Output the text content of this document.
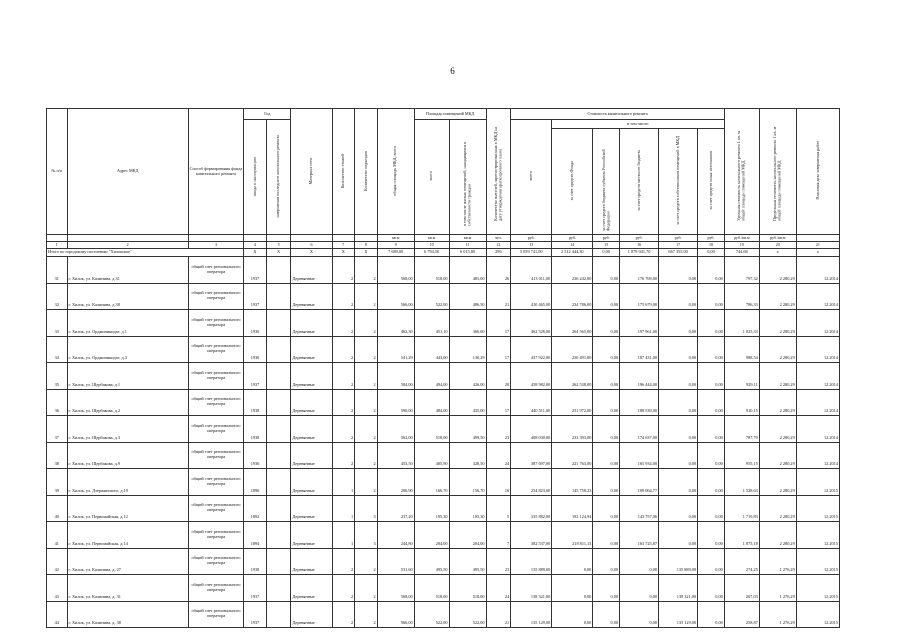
6
№ п/п	Адрес МКД	Способ формирования фонда капитального ремонта	Год		Материал стен	Количество этажей	Количество подъездов	общая площадь МКД, всего	Площадь помещений МКД		Количество жителей, зарегистрированных в МКД на дату утверждения краткосрочного плана	Стоимость капитального ремонта						Удельная стоимость капитального ремонта 1 кв. м общей площади помещений МКД	Предельная стоимость капитального ремонта 1 кв. м общей площади помещений МКД	Плановая дата завершения работ
			ввода в эксплуатацию	завершения последнего капитального ремонта					всего	в том числе жилых помещений, находящихся в собственности граждан		всего	в том числе:							
													за счет средств Фонда	за счет средств бюджета субъекта Российской Федерации	за счет средств местного бюджета	за счет средств собственников помещений в МКД	за счет средств иных источников			
								кв.м	кв.м	кв.м	чел.	руб.	руб.	руб.	руб.	руб.	руб.	руб./кв.м	руб./кв.м	
1	2	3	4	5	6	7	8	9	10	11	12	13	14	15	16	17	18	19	20	21
Итого по городскому поселению "Хилокское"			X	X	X	X	X	7 689,00	6 794,50	6 015,80	296	5 059 741,00	2 512 444,30	0,00	1 879 941,70	667 355,00	0,00	744,68	x	x
31	г. Хилок, ул. Калинина, д.31	общий счет регионального оператора	1937		Деревянные	2	2	568,00	518,00	485,00	26	413 011,00	236 242,00	0,00	176 769,00	0,00	0,00	797,32	2 280,29	12.2014
32	г. Хилок, ул. Калинина, д.38	общий счет регионального оператора	1937		Деревянные	2	2	566,00	522,00	486,50	21	410 465,00	234 786,00	0,00	175 679,00	0,00	0,00	786,33	2 280,29	12.2014
33	г. Хилок, ул. Орджоникидзе, д.1	общий счет регионального оператора	1936		Деревянные	2	2	462,30	451,10	366,60	17	462 526,00	264 565,00	0,00	197 961,00	0,00	0,00	1 025,33	2 280,29	12.2014
34	г. Хилок, ул. Орджоникидзе, д.3	общий счет регионального оператора	1936		Деревянные	2	2	541,29	443,00	130,29	17	437 922,00	250 491,00	0,00	187 431,00	0,00	0,00	988,54	2 280,29	12.2014
35	г. Хилок, ул. Щербакова, д.1	общий счет регионального оператора	1937		Деревянные	2	2	584,00	494,00	426,00	20	458 982,00	262 538,00	0,00	196 444,00	0,00	0,00	929,11	2 280,29	12.2014
36	г. Хилок, ул. Щербакова, д.2	общий счет регионального оператора	1938		Деревянные	2	2	590,00	484,00	435,00	17	440 511,00	251 972,00	0,00	188 539,00	0,00	0,00	910,15	2 280,29	12.2014
37	г. Хилок, ул. Щербакова, д.3	общий счет регионального оператора	1938		Деревянные	2	2	562,00	518,00	499,50	23	408 030,00	233 393,00	0,00	174 637,00	0,00	0,00	787,70	2 280,29	12.2014
38	г. Хилок, ул. Щербакова, д.9	общий счет регионального оператора	1936		Деревянные	2	2	453,50	405,90	328,50	24	387 697,00	221 763,00	0,00	165 934,00	0,00	0,00	955,15	2 280,29	12.2014
39	г. Хилок, ул. Дзержинского, д.19	общий счет регионального оператора	1896		Деревянные	1	2	206,90	166,70	156,70	16	254 823,00	145 758,23	0,00	109 064,77	0,00	0,00	1 528,63	2 280,29	12.2015
40	г. Хилок, ул. Первомайская, д.12	общий счет регионального оператора	1892		Деревянные	1	3	237,20	195,30	195,30	5	335 882,00	192 124,94	0,00	143 757,06	0,00	0,00	1 719,83	2 280,29	12.2015
41	г. Хилок, ул. Первомайская, д.14	общий счет регионального оператора	1894		Деревянные	1	3	244,80	204,00	204,00	7	382 537,00	218 811,13	0,00	163 725,87	0,00	0,00	1 875,18	2 280,29	12.2015
42	г. Хилок, ул. Калинина, д. 27	общий счет регионального оператора	1938		Деревянные	2	2	531,60	495,50	495,50	23	135 889,00	0,00	0,00	0,00	135 889,00	0,00	274,25	1 276,29	12.2015
43	г. Хилок, ул. Калинина, д. 31	общий счет регионального оператора	1937		Деревянные	2	2	568,00	518,00	518,00	24	138 321,00	0,00	0,00	0,00	138 321,00	0,00	267,03	1 276,29	12.2015
44	г. Хилок, ул. Калинина, д. 38	общий счет регионального оператора	1937		Деревянные	2	2	566,00	522,00	522,00	21	135 129,00	0,00	0,00	0,00	135 129,00	0,00	258,87	1 276,29	12.2015
